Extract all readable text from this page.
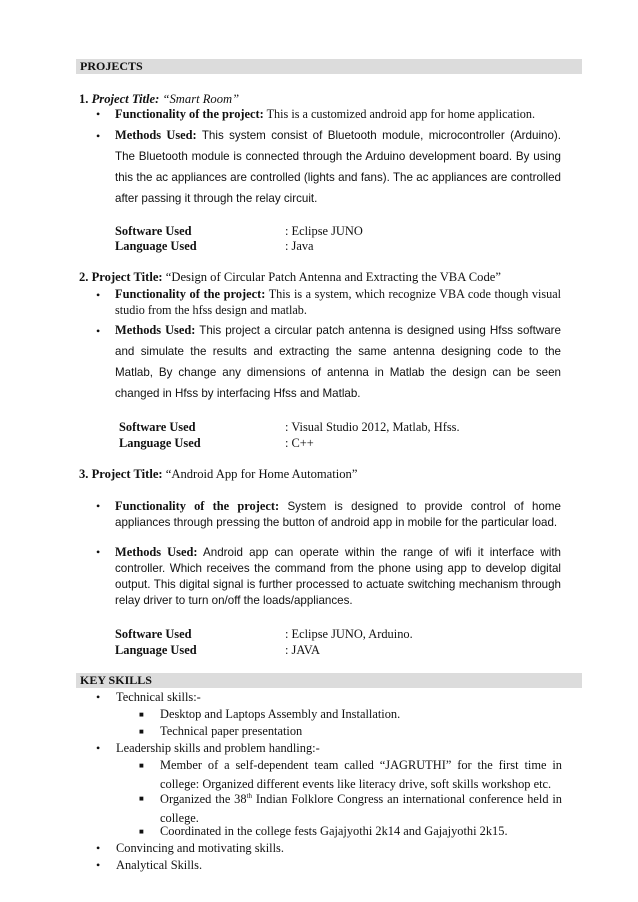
PROJECTS
1. Project Title: “Smart Room”
•	Functionality of the project: This is a customized android app for home application.
•	Methods Used: This system consist of Bluetooth module, microcontroller (Arduino). The Bluetooth module is connected through the Arduino development board. By using this the ac appliances are controlled (lights and fans). The ac appliances are controlled after passing it through the relay circuit.
Software Used	: Eclipse JUNO
Language Used	: Java
2. Project Title: “Design of Circular Patch Antenna and Extracting the VBA Code”
•	Functionality of the project: This is a system, which recognize VBA code though visual studio from the hfss design and matlab.
•	Methods Used: This project a circular patch antenna is designed using Hfss software and simulate the results and extracting the same antenna designing code to the Matlab, By change any dimensions of antenna in Matlab the design can be seen changed in Hfss by interfacing Hfss and Matlab.
Software Used	: Visual Studio 2012, Matlab, Hfss.
Language Used	: C++
3. Project Title: “Android App for Home Automation”
•	Functionality of the project: System is designed to provide control of home appliances through pressing the button of android app in mobile for the particular load.
•	Methods Used: Android app can operate within the range of wifi it interface with controller. Which receives the command from the phone using app to develop digital output. This digital signal is further processed to actuate switching mechanism through relay driver to turn on/off the loads/appliances.
Software Used	: Eclipse JUNO, Arduino.
Language Used	: JAVA
KEY SKILLS
• Technical skills:-
■ Desktop and Laptops Assembly and Installation.
■ Technical paper presentation
• Leadership skills and problem handling:-
■ Member of a self-dependent team called “JAGRUTHI” for the first time in college: Organized different events like literacy drive, soft skills workshop etc.
■ Organized the 38th Indian Folklore Congress an international conference held in college.
■ Coordinated in the college fests Gajajyothi 2k14 and Gajajyothi 2k15.
• Convincing and motivating skills.
• Analytical Skills.
